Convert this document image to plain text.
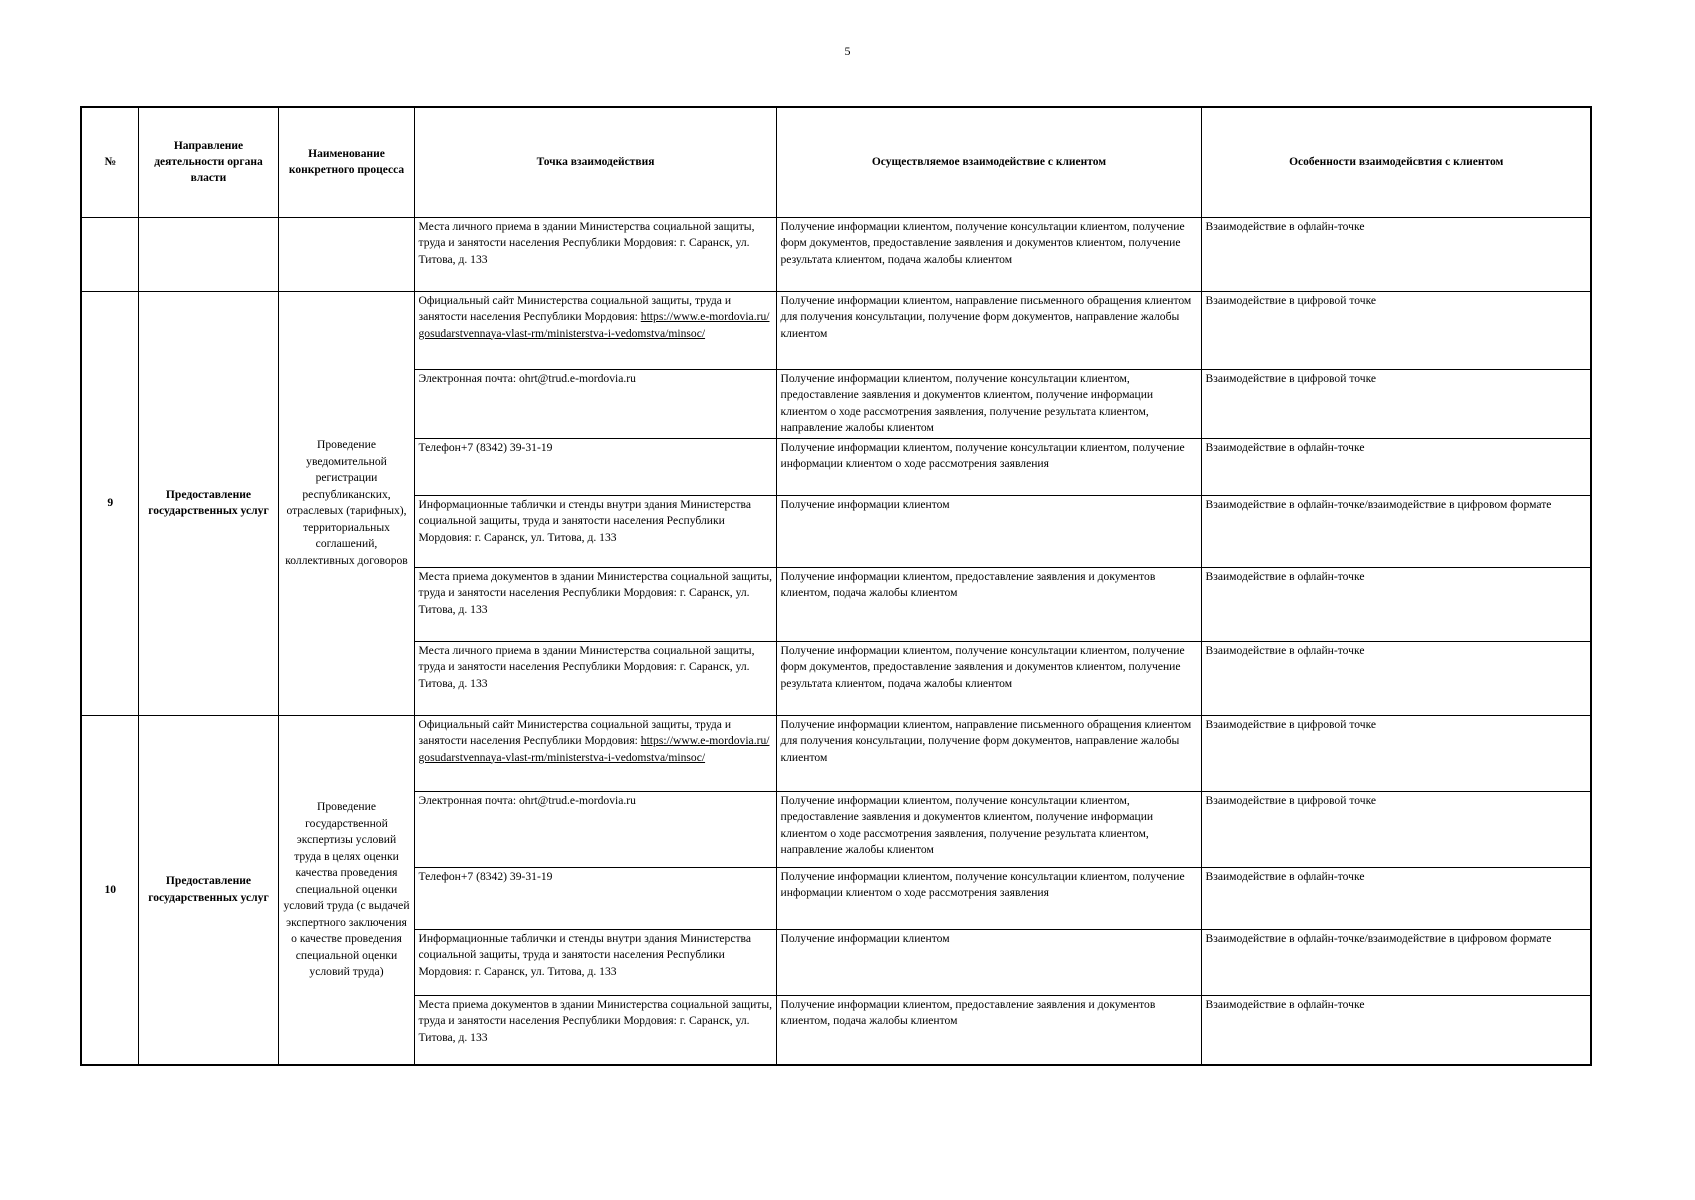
5
№	Направление деятельности органа власти	Наименование конкретного процесса	Точка взаимодействия	Осуществляемое взаимодействие с клиентом	Особенности взаимодейсвтия с клиентом
			Места личного приема в здании Министерства социальной защиты, труда и занятости населения Республики Мордовия: г. Саранск, ул. Титова, д. 133	Получение информации клиентом, получение консультации клиентом, получение форм документов, предоставление заявления и документов клиентом, получение результата клиентом, подача жалобы клиентом	Взаимодействие в офлайн-точке
9	Предоставление государственных услуг	Проведение уведомительной регистрации республиканских, отраслевых (тарифных), территориальных соглашений, коллективных договоров	Официальный сайт Министерства социальной защиты, труда и занятости населения Республики Мордовия: https://www.e-mordovia.ru/gosudarstvennaya-vlast-rm/ministerstva-i-vedomstva/minsoc/	Получение информации клиентом, направление письменного обращения клиентом для получения консультации, получение форм документов, направление жалобы клиентом	Взаимодействие в цифровой точке
			Электронная почта: ohrt@trud.e-mordovia.ru	Получение информации клиентом, получение консультации клиентом, предоставление заявления и документов клиентом, получение информации клиентом о ходе рассмотрения заявления, получение результата клиентом, направление жалобы клиентом	Взаимодействие в цифровой точке
			Телефон+7 (8342) 39-31-19	Получение информации клиентом, получение консультации клиентом, получение информации клиентом о ходе рассмотрения заявления	Взаимодействие в офлайн-точке
			Информационные таблички и стенды внутри здания Министерства социальной защиты, труда и занятости населения Республики Мордовия: г. Саранск, ул. Титова, д. 133	Получение информации клиентом	Взаимодействие в офлайн-точке/взаимодействие в цифровом формате
			Места приема документов в здании Министерства социальной защиты, труда и занятости населения Республики Мордовия: г. Саранск, ул. Титова, д. 133	Получение информации клиентом, предоставление заявления и документов клиентом, подача жалобы клиентом	Взаимодействие в офлайн-точке
			Места личного приема в здании Министерства социальной защиты, труда и занятости населения Республики Мордовия: г. Саранск, ул. Титова, д. 133	Получение информации клиентом, получение консультации клиентом, получение форм документов, предоставление заявления и документов клиентом, получение результата клиентом, подача жалобы клиентом	Взаимодействие в офлайн-точке
10	Предоставление государственных услуг	Проведение государственной экспертизы условий труда в целях оценки качества проведения специальной оценки условий труда (с выдачей экспертного заключения о качестве проведения специальной оценки условий труда)	Официальный сайт Министерства социальной защиты, труда и занятости населения Республики Мордовия: https://www.e-mordovia.ru/gosudarstvennaya-vlast-rm/ministerstva-i-vedomstva/minsoc/	Получение информации клиентом, направление письменного обращения клиентом для получения консультации, получение форм документов, направление жалобы клиентом	Взаимодействие в цифровой точке
			Электронная почта: ohrt@trud.e-mordovia.ru	Получение информации клиентом, получение консультации клиентом, предоставление заявления и документов клиентом, получение информации клиентом о ходе рассмотрения заявления, получение результата клиентом, направление жалобы клиентом	Взаимодействие в цифровой точке
			Телефон+7 (8342) 39-31-19	Получение информации клиентом, получение консультации клиентом, получение информации клиентом о ходе рассмотрения заявления	Взаимодействие в офлайн-точке
			Информационные таблички и стенды внутри здания Министерства социальной защиты, труда и занятости населения Республики Мордовия: г. Саранск, ул. Титова, д. 133	Получение информации клиентом	Взаимодействие в офлайн-точке/взаимодействие в цифровом формате
			Места приема документов в здании Министерства социальной защиты, труда и занятости населения Республики Мордовия: г. Саранск, ул. Титова, д. 133	Получение информации клиентом, предоставление заявления и документов клиентом, подача жалобы клиентом	Взаимодействие в офлайн-точке
